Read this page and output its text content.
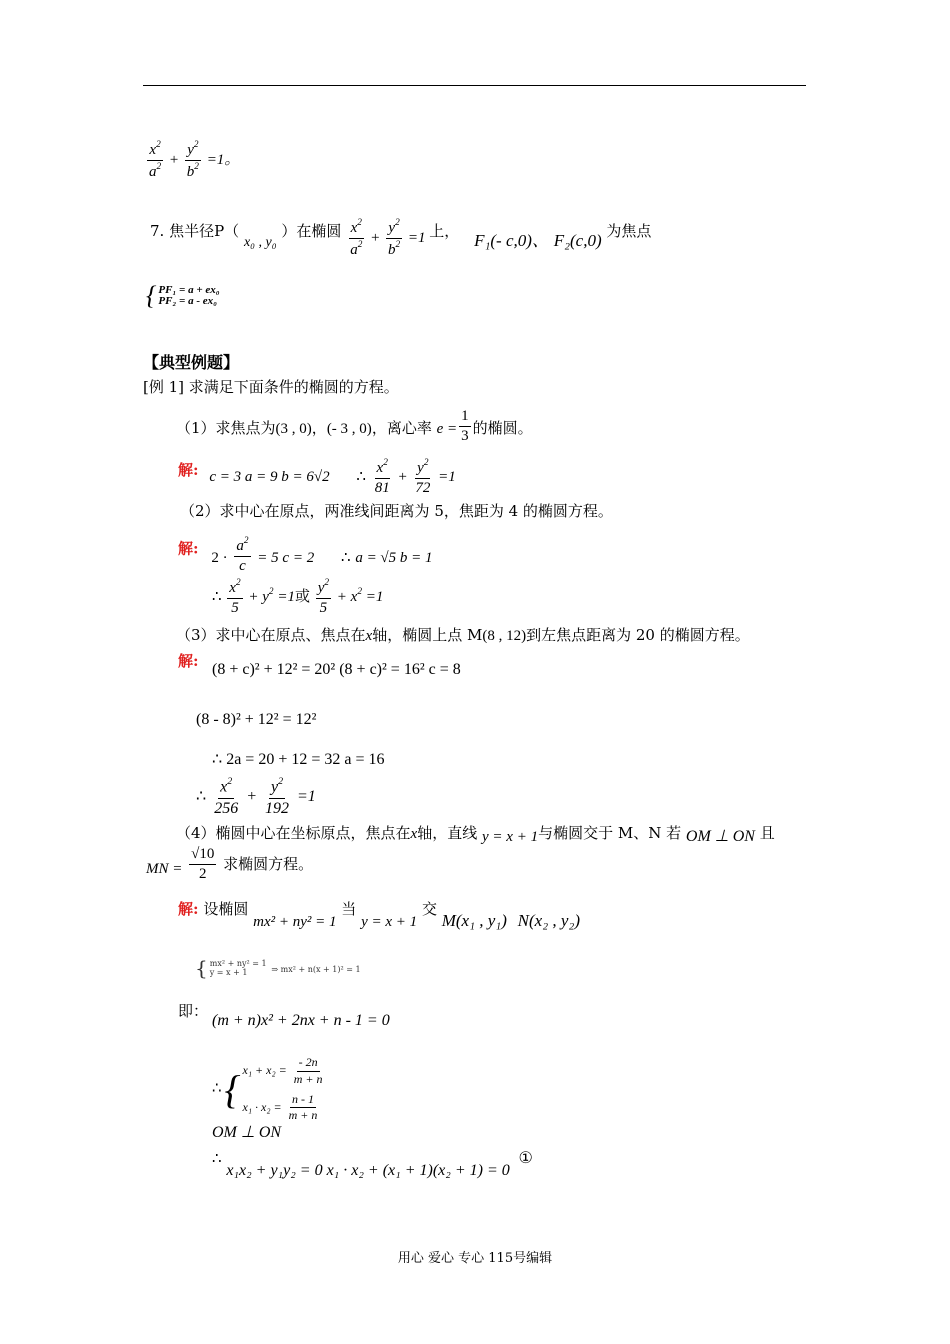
$\frac{x^2}{a^2} + \frac{y^2}{b^2} =1$。
7. 焦半径P（ x₀ , y₀ ）在椭圆 $\frac{x^2}{a^2} + \frac{y^2}{b^2} =1$ 上， F₁(- c,0)、 F₂(c,0) 为焦点
{ PF₁ = a + ex₀
PF₂ = a - ex₀
【典型例题】
[例 1] 求满足下面条件的椭圆的方程。
（1）求焦点为(3 , 0)，(- 3 , 0)，离心率 $e = \frac{1}{3}$ 的椭圆。
解: c = 3 a = 9 b = 6√2 ∴ $\frac{x^2}{81} + \frac{y^2}{72} =1$
（2）求中心在原点，两准线间距离为 5，焦距为 4 的椭圆方程。
解: $2 \cdot \frac{a^2}{c} = 5$ c = 2 ∴ a = √5 b = 1
∴ $\frac{x^2}{5} + y^2 =1$或 $\frac{y^2}{5} + x^2 =1$
（3）求中心在原点、焦点在x轴，椭圆上点 M(8 , 12)到左焦点距离为 20 的椭圆方程。
解: (8 + c)² + 12² = 20² (8 + c)² = 16² c = 8
(8 - 8)² + 12² = 12²
∴ 2a = 20 + 12 = 32 a = 16
∴ $\frac{x^2}{256} + \frac{y^2}{192} =1$
（4）椭圆中心在坐标原点，焦点在x轴，直线 y = x + 1与椭圆交于 M、N 若 OM ⊥ ON 且
MN = $\frac{√10}{2}$ 求椭圆方程。
解: 设椭圆 mx² + ny² = 1 当 y = x + 1 交 M(x₁ , y₁) N(x₂ , y₂)
{ mx² + ny² = 1
y = x + 1	⇒ mx² + n(x + 1)² = 1
即：
(m + n)x² + 2nx + n - 1 = 0
∴ { $x_1 + x_2 = \frac{- 2n}{m + n}$
$x_1 \cdot x_2 = \frac{n - 1}{m + n}$
OM ⊥ ON
∴ x₁x₂ + y₁y₂ = 0 x₁ · x₂ + (x₁ + 1)(x₂ + 1) = 0 ①
用心 爱心 专心 115号编辑
